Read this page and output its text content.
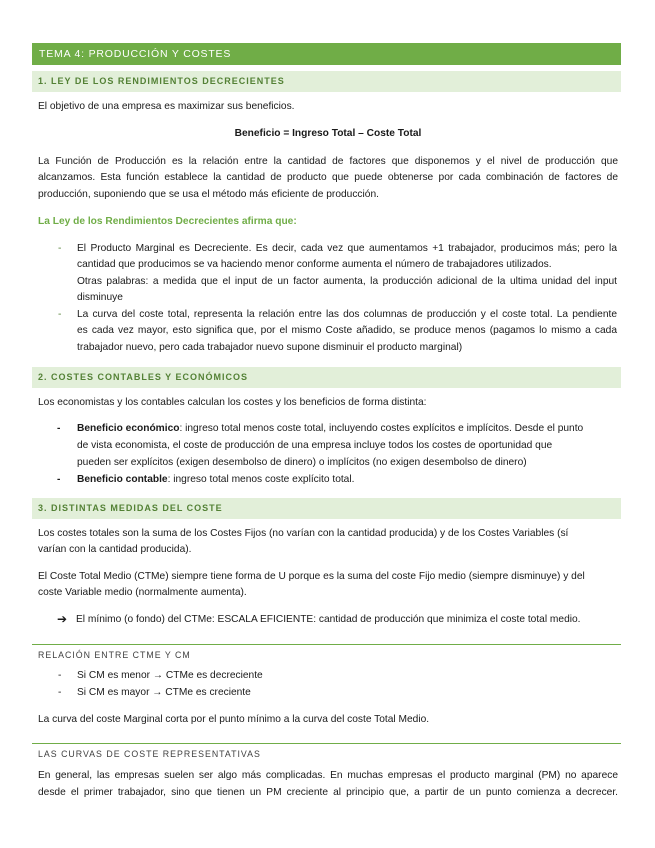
TEMA 4: PRODUCCIÓN Y COSTES
1. LEY DE LOS RENDIMIENTOS DECRECIENTES
El objetivo de una empresa es maximizar sus beneficios.
Beneficio = Ingreso Total – Coste Total
La Función de Producción es la relación entre la cantidad de factores que disponemos y el nivel de producción que
alcanzamos. Esta función establece la cantidad de producto que puede obtenerse por cada combinación de factores de
producción, suponiendo que se usa el método más eficiente de producción.
La Ley de los Rendimientos Decrecientes afirma que:
- El Producto Marginal es Decreciente. Es decir, cada vez que aumentamos +1 trabajador, producimos más; pero la
cantidad que producimos se va haciendo menor conforme aumenta el número de trabajadores utilizados.
Otras palabras: a medida que el input de un factor aumenta, la producción adicional de la ultima unidad del input
disminuye
- La curva del coste total, representa la relación entre las dos columnas de producción y el coste total. La pendiente
es cada vez mayor, esto significa que, por el mismo Coste añadido, se produce menos (pagamos lo mismo a cada
trabajador nuevo, pero cada trabajador nuevo supone disminuir el producto marginal)
2. COSTES CONTABLES Y ECONÓMICOS
Los economistas y los contables calculan los costes y los beneficios de forma distinta:
- Beneficio económico: ingreso total menos coste total, incluyendo costes explícitos e implícitos. Desde el punto
de vista economista, el coste de producción de una empresa incluye todos los costes de oportunidad que
pueden ser explícitos (exigen desembolso de dinero) o implícitos (no exigen desembolso de dinero)
- Beneficio contable: ingreso total menos coste explícito total.
3. DISTINTAS MEDIDAS DEL COSTE
Los costes totales son la suma de los Costes Fijos (no varían con la cantidad producida) y de los Costes Variables (sí
varían con la cantidad producida).
El Coste Total Medio (CTMe) siempre tiene forma de U porque es la suma del coste Fijo medio (siempre disminuye) y del
coste Variable medio (normalmente aumenta).
➔ El mínimo (o fondo) del CTMe: ESCALA EFICIENTE: cantidad de producción que minimiza el coste total medio.
RELACIÓN ENTRE CTME Y CM
- Si CM es menor → CTMe es decreciente
- Si CM es mayor → CTMe es creciente
La curva del coste Marginal corta por el punto mínimo a la curva del coste Total Medio.
LAS CURVAS DE COSTE REPRESENTATIVAS
En general, las empresas suelen ser algo más complicadas. En muchas empresas el producto marginal (PM) no aparece
desde el primer trabajador, sino que tienen un PM creciente al principio que, a partir de un punto comienza a decrecer.
